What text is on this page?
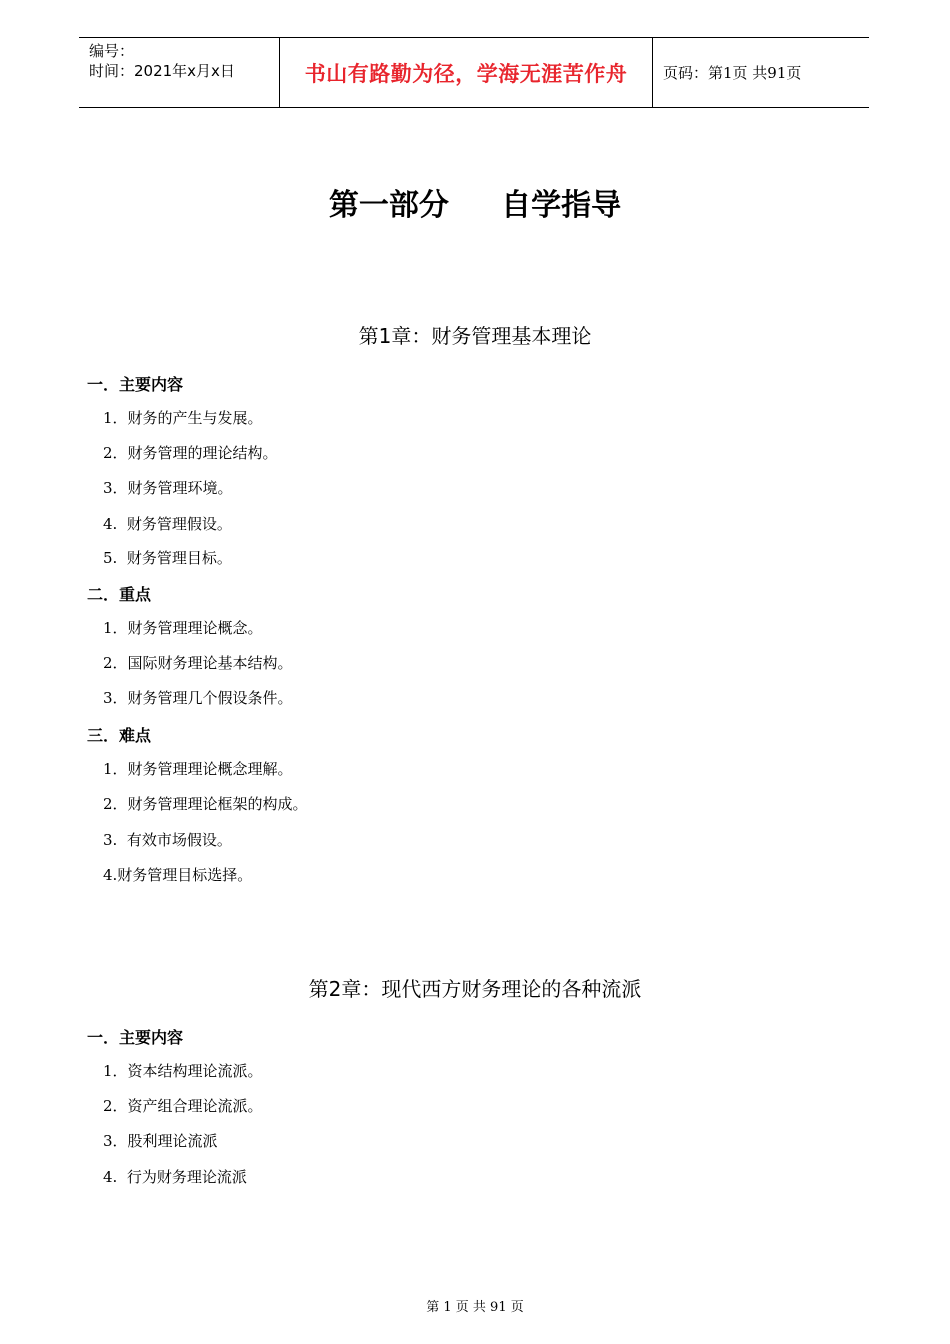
编号：
时间：2021年x月x日	书山有路勤为径，学海无涯苦作舟	页码：第1页 共91页
第一部分     自学指导
第1章：财务管理基本理论
一．主要内容
1．财务的产生与发展。
2．财务管理的理论结构。
3．财务管理环境。
4.  财务管理假设。
5.  财务管理目标。
二．重点
1．财务管理理论概念。
2．国际财务理论基本结构。
3．财务管理几个假设条件。
三．难点
1．财务管理理论概念理解。
2．财务管理理论框架的构成。
3.  有效市场假设。
4.财务管理目标选择。
第2章：现代西方财务理论的各种流派
一．主要内容
1．资本结构理论流派。
2．资产组合理论流派。
3．股利理论流派
4.  行为财务理论流派
第 1 页 共 91 页
